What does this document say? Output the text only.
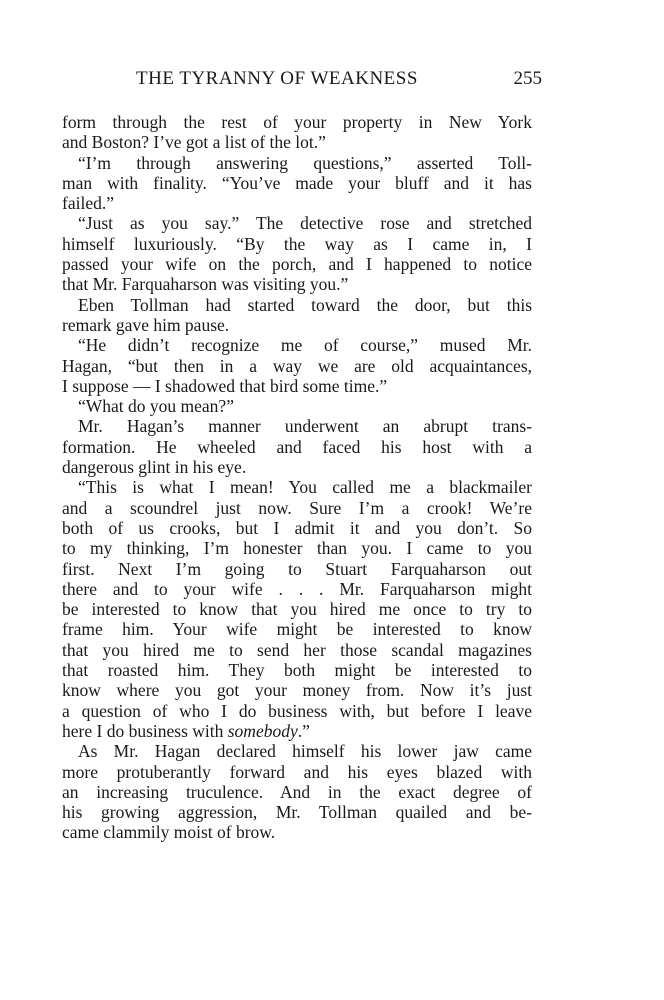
THE TYRANNY OF WEAKNESS	255
form through the rest of your property in New York
and Boston? I’ve got a list of the lot.”
“I’m through answering questions,” asserted Toll-
man with finality. “You’ve made your bluff and it has
failed.”
“Just as you say.” The detective rose and stretched
himself luxuriously. “By the way as I came in, I
passed your wife on the porch, and I happened to notice
that Mr. Farquaharson was visiting you.”
Eben Tollman had started toward the door, but this
remark gave him pause.
“He didn’t recognize me of course,” mused Mr.
Hagan, “but then in a way we are old acquaintances,
I suppose — I shadowed that bird some time.”
“What do you mean?”
Mr. Hagan’s manner underwent an abrupt trans-
formation. He wheeled and faced his host with a
dangerous glint in his eye.
“This is what I mean! You called me a blackmailer
and a scoundrel just now. Sure I’m a crook! We’re
both of us crooks, but I admit it and you don’t. So
to my thinking, I’m honester than you. I came to you
first. Next I’m going to Stuart Farquaharson out
there and to your wife . . . Mr. Farquaharson might
be interested to know that you hired me once to try to
frame him. Your wife might be interested to know
that you hired me to send her those scandal magazines
that roasted him. They both might be interested to
know where you got your money from. Now it’s just
a question of who I do business with, but before I leave
here I do business with somebody.”
As Mr. Hagan declared himself his lower jaw came
more protuberantly forward and his eyes blazed with
an increasing truculence. And in the exact degree of
his growing aggression, Mr. Tollman quailed and be-
came clammily moist of brow.
